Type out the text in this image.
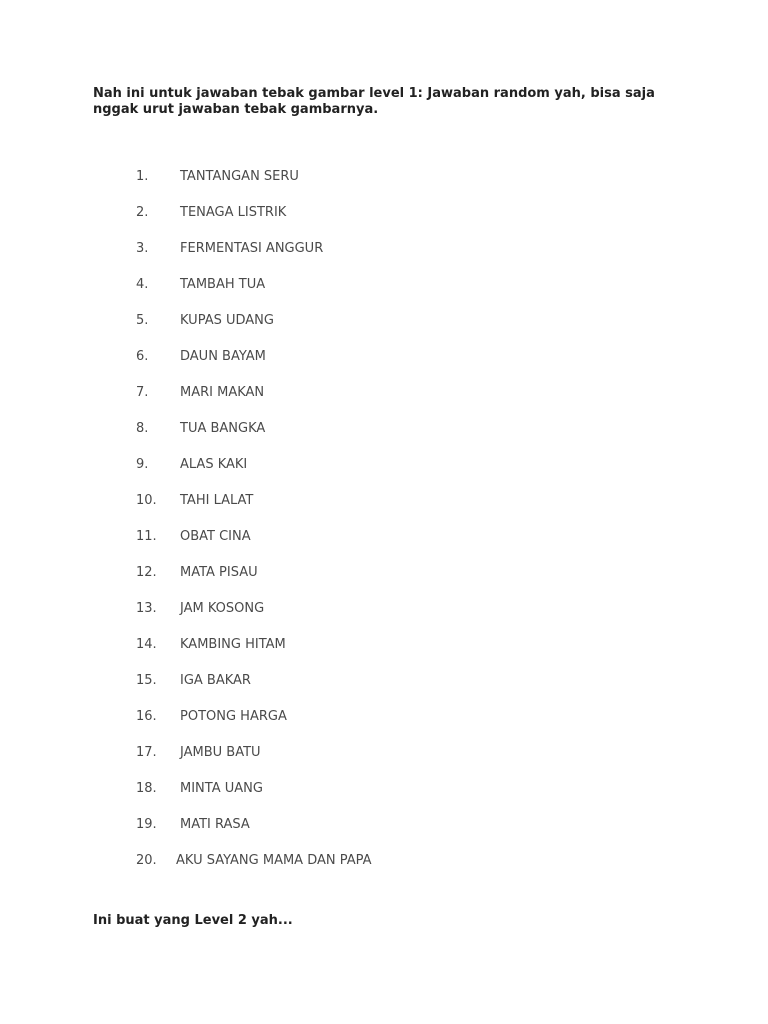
Nah ini untuk jawaban tebak gambar level 1: Jawaban random yah, bisa saja nggak urut jawaban tebak gambarnya.

1. TANTANGAN SERU
2. TENAGA LISTRIK
3. FERMENTASI ANGGUR
4. TAMBAH TUA
5. KUPAS UDANG
6. DAUN BAYAM
7. MARI MAKAN
8. TUA BANGKA
9. ALAS KAKI
10. TAHI LALAT
11. OBAT CINA
12. MATA PISAU
13. JAM KOSONG
14. KAMBING HITAM
15. IGA BAKAR
16. POTONG HARGA
17. JAMBU BATU
18. MINTA UANG
19. MATI RASA
20. AKU SAYANG MAMA DAN PAPA

Ini buat yang Level 2 yah...
